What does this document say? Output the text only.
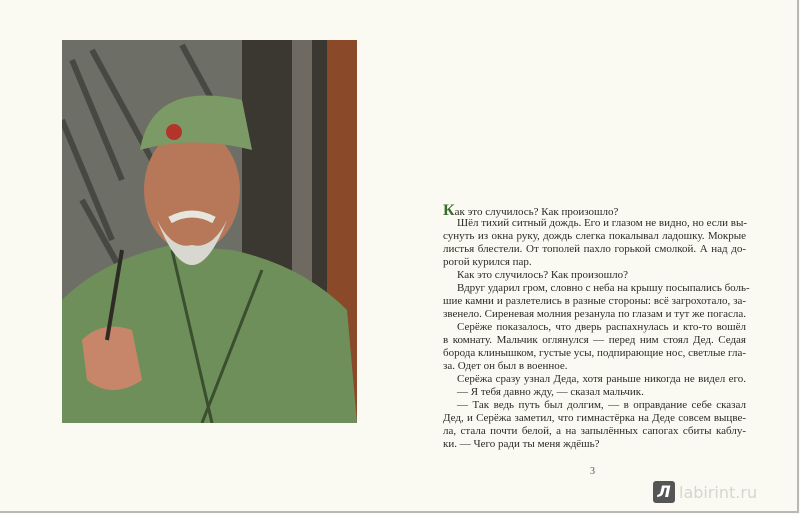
Как это случилось? Как произошло?
Шёл тихий ситный дождь. Его и глазом не видно, но если вы-
сунуть из окна руку, дождь слегка покалывал ладошку. Мокрые
листья блестели. От тополей пахло горькой смолкой. А над до-
рогой курился пар.
Как это случилось? Как произошло?
Вдруг ударил гром, словно с неба на крышу посыпались боль-
шие камни и разлетелись в разные стороны: всё загрохотало, за-
звенело. Сиреневая молния резанула по глазам и тут же погасла.
Серёже показалось, что дверь распахнулась и кто-то вошёл
в комнату. Мальчик оглянулся — перед ним стоял Дед. Седая
борода клинышком, густые усы, подпирающие нос, светлые гла-
за. Одет он был в военное.
Серёжа сразу узнал Деда, хотя раньше никогда не видел его.
— Я тебя давно жду, — сказал мальчик.
— Так ведь путь был долгим, — в оправдание себе сказал
Дед, и Серёжа заметил, что гимнастёрка на Деде совсем выцве-
ла, стала почти белой, а на запылённых сапогах сбиты каблу-
ки. — Чего ради ты меня ждёшь?
3
Л labirint.ru
